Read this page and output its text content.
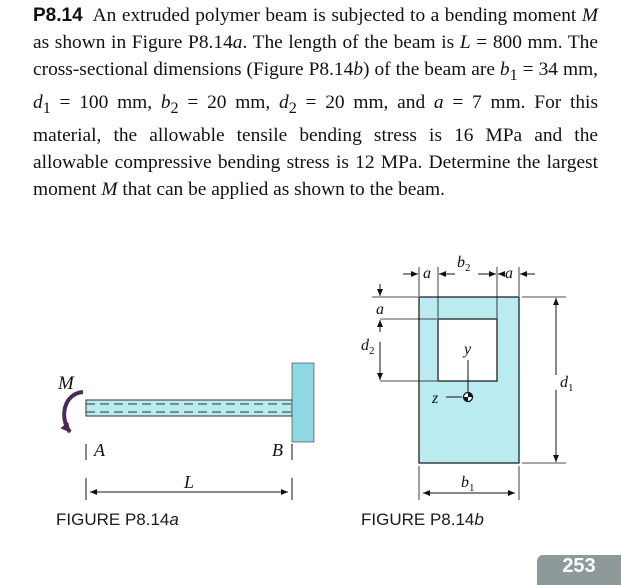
P8.14 An extruded polymer beam is subjected to a bending moment M as shown in Figure P8.14a. The length of the beam is L = 800 mm. The cross-sectional dimensions (Figure P8.14b) of the beam are $b_1 = 34$ mm, $d_1 = 100$ mm, $b_2 = 20$ mm, $d_2 = 20$ mm, and a = 7 mm. For this material, the allowable tensile bending stress is 16 MPa and the allowable compressive bending stress is 12 MPa. Determine the largest moment M that can be applied as shown to the beam.
M
A	B
L
a
$b_2$ a
a
$d_2$	y
z
$d_1$
$b_1$
FIGURE P8.14a	FIGURE P8.14b
253
